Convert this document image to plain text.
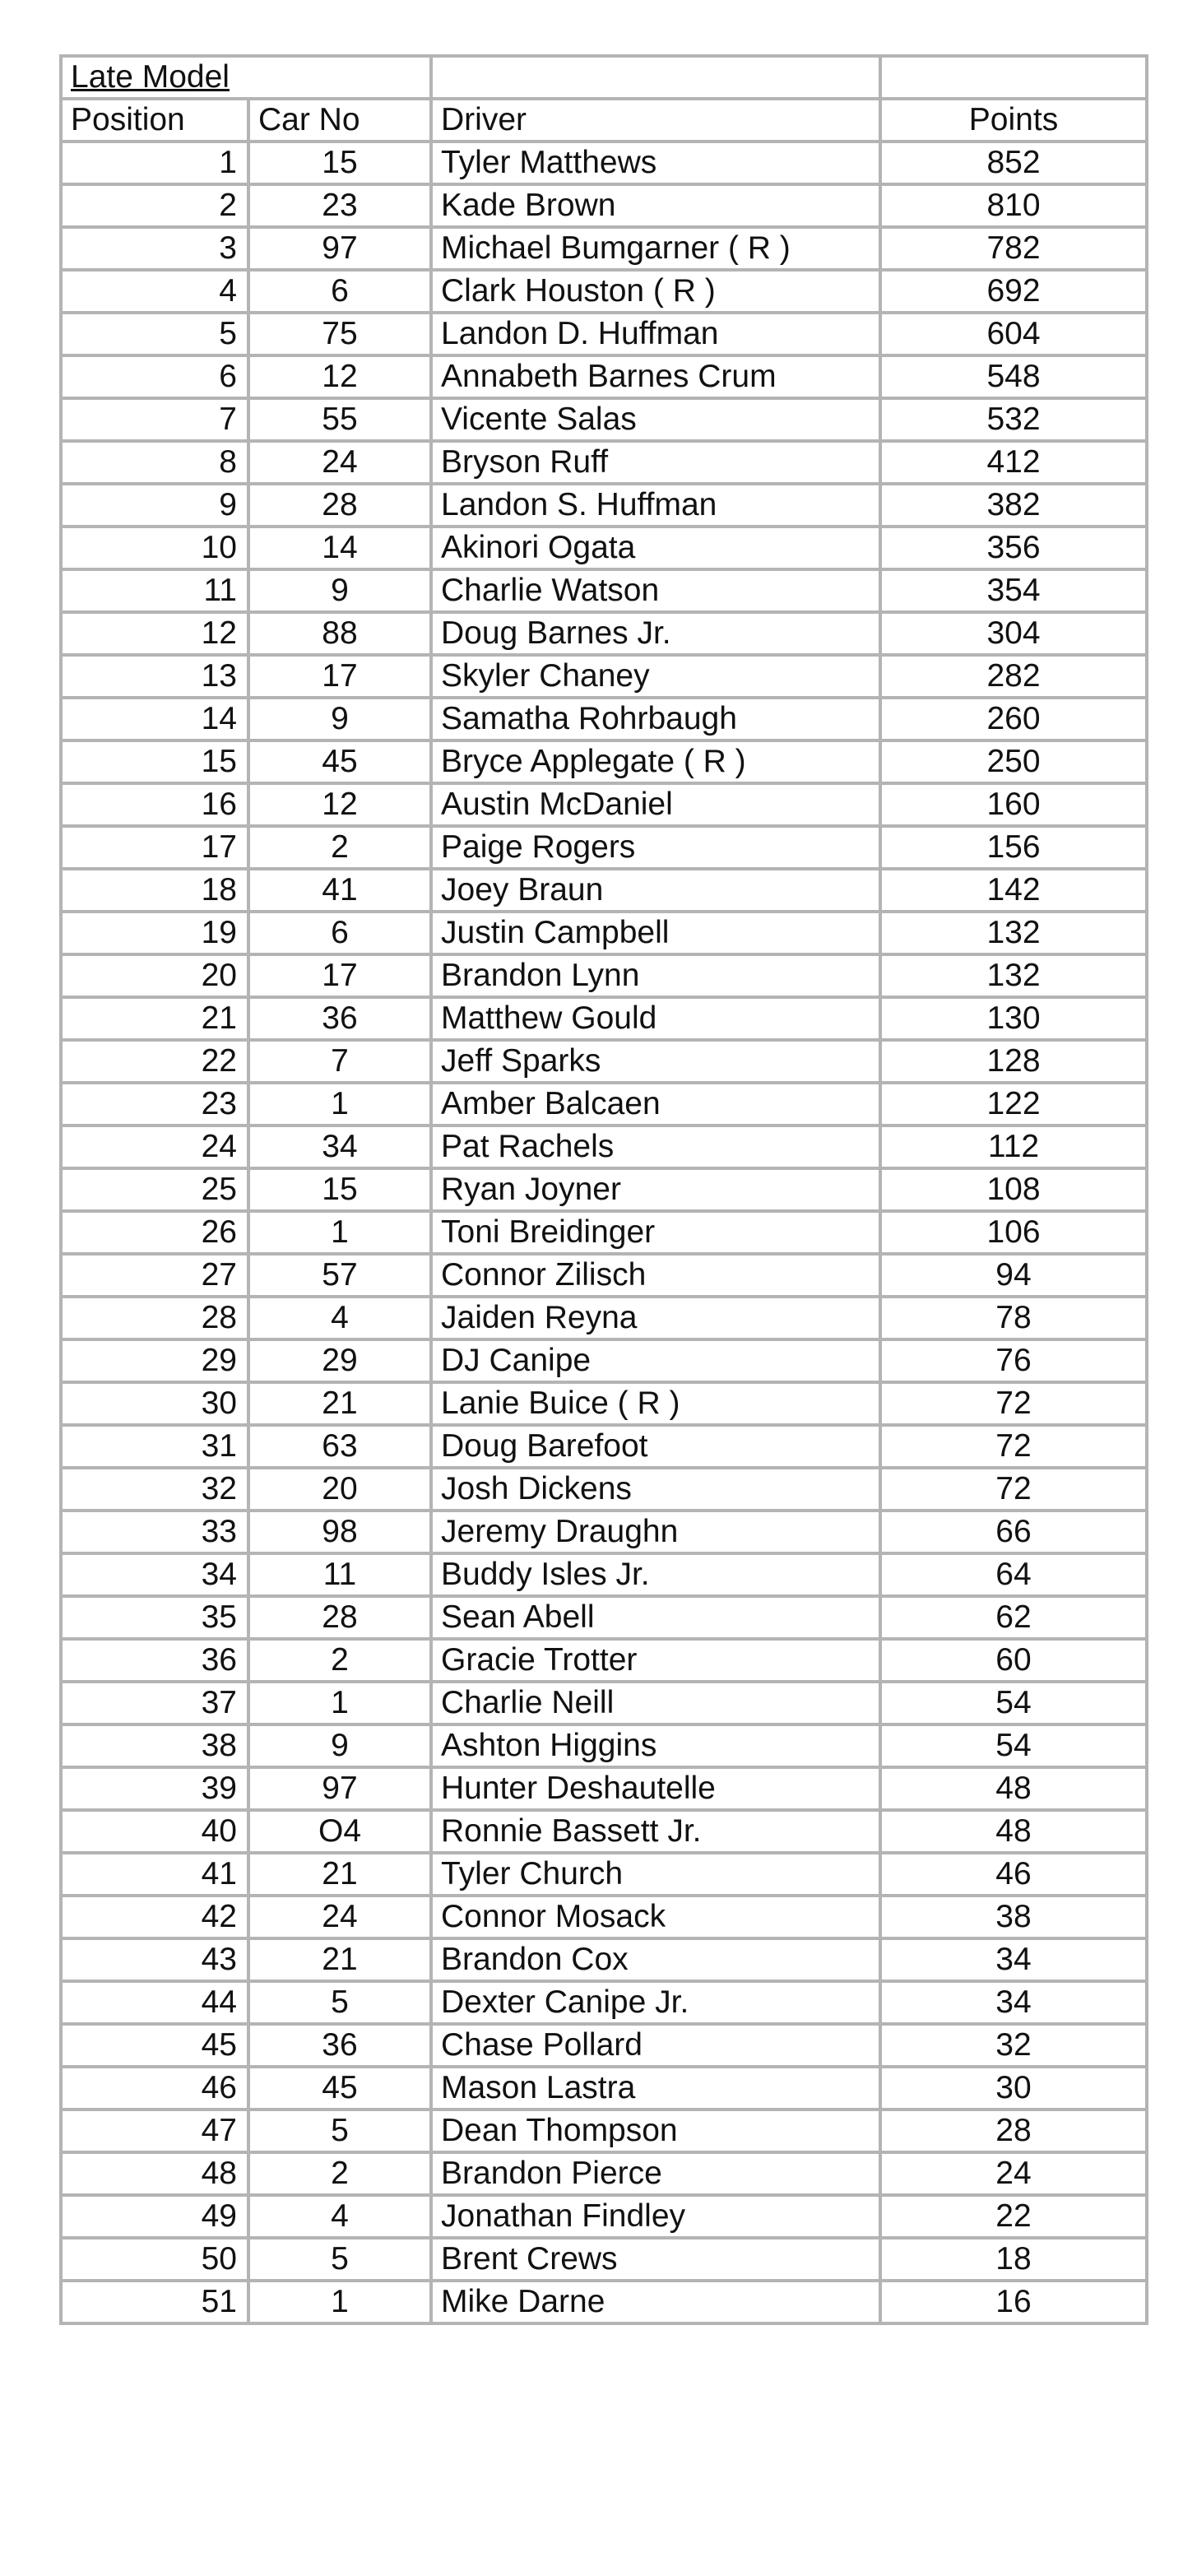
Late Model			
Position	Car No	Driver	Points
1	15	Tyler Matthews	852
2	23	Kade Brown	810
3	97	Michael Bumgarner ( R )	782
4	6	Clark Houston ( R )	692
5	75	Landon D. Huffman	604
6	12	Annabeth Barnes Crum	548
7	55	Vicente Salas	532
8	24	Bryson Ruff	412
9	28	Landon S. Huffman	382
10	14	Akinori Ogata	356
11	9	Charlie Watson	354
12	88	Doug Barnes Jr.	304
13	17	Skyler Chaney	282
14	9	Samatha Rohrbaugh	260
15	45	Bryce Applegate ( R )	250
16	12	Austin McDaniel	160
17	2	Paige Rogers	156
18	41	Joey Braun	142
19	6	Justin Campbell	132
20	17	Brandon Lynn	132
21	36	Matthew Gould	130
22	7	Jeff Sparks	128
23	1	Amber Balcaen	122
24	34	Pat Rachels	112
25	15	Ryan Joyner	108
26	1	Toni Breidinger	106
27	57	Connor Zilisch	94
28	4	Jaiden Reyna	78
29	29	DJ Canipe	76
30	21	Lanie Buice ( R )	72
31	63	Doug Barefoot	72
32	20	Josh Dickens	72
33	98	Jeremy Draughn	66
34	11	Buddy Isles Jr.	64
35	28	Sean Abell	62
36	2	Gracie Trotter	60
37	1	Charlie Neill	54
38	9	Ashton Higgins	54
39	97	Hunter Deshautelle	48
40	O4	Ronnie Bassett Jr.	48
41	21	Tyler Church	46
42	24	Connor Mosack	38
43	21	Brandon Cox	34
44	5	Dexter Canipe Jr.	34
45	36	Chase Pollard	32
46	45	Mason Lastra	30
47	5	Dean Thompson	28
48	2	Brandon Pierce	24
49	4	Jonathan Findley	22
50	5	Brent Crews	18
51	1	Mike Darne	16
